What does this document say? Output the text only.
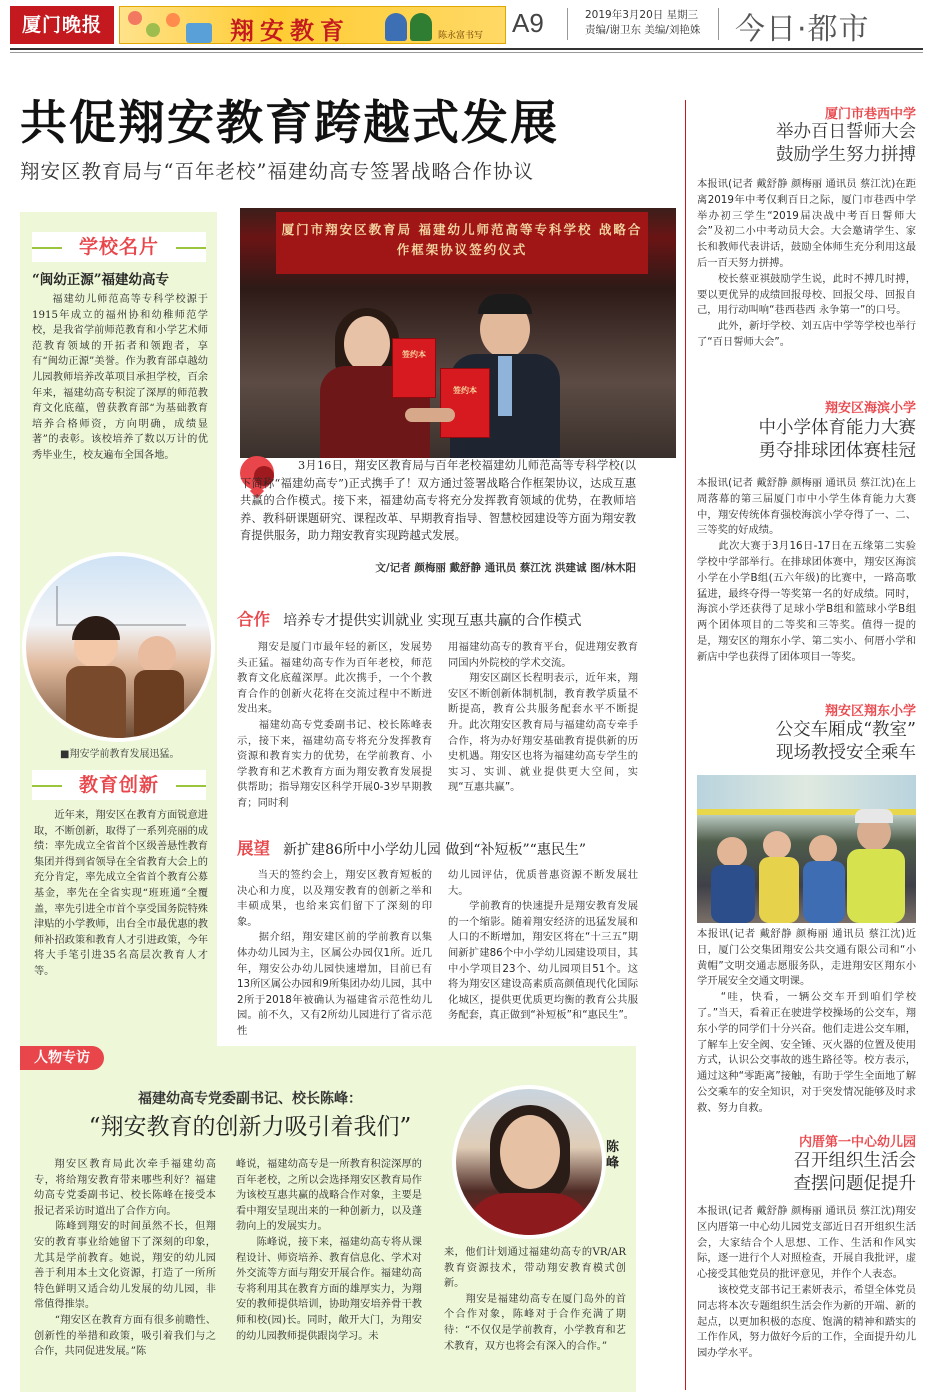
厦门晚报	翔安教育	陈永富书写 A9	2019年3月20日 星期三
责编/谢卫东 美编/刘艳姝 今日·都市
共促翔安教育跨越式发展
翔安区教育局与“百年老校”福建幼高专签署战略合作协议
学校名片
“闽幼正源”福建幼高专
福建幼儿师范高等专科学校源于1915年成立的福州协和幼稚师范学校，是我省学前师范教育和小学艺术师范教育领域的开拓者和领跑者，享有“闽幼正源”美誉。作为教育部卓越幼儿园教师培养改革项目承担学校，百余年来，福建幼高专积淀了深厚的师范教育文化底蕴，曾获教育部“为基础教育培养合格师资，方向明确，成绩显著”的表彰。该校培养了数以万计的优秀毕业生，校友遍布全国各地。
■翔安学前教育发展迅猛。
教育创新
近年来，翔安区在教育方面锐意进取，不断创新，取得了一系列亮丽的成绩：率先成立全省首个区级善悬性教育集团并得到省领导在全省教育大会上的充分肯定，率先成立全省首个教育公募基金，率先在全省实现“班班通”全覆盖，率先引进全市首个享受国务院特殊津贴的小学教师，出台全市最优惠的教师补招政策和教育人才引进政策，今年将大手笔引进35名高层次教育人才等。
厦门市翔安区教育局 福建幼儿师范高等专科学校 战略合作框架协议签约仪式
签约本
签约本
3月16日，翔安区教育局与百年老校福建幼儿师范高等专科学校(以下简称“福建幼高专”)正式携手了！双方通过签署战略合作框架协议，达成互惠共赢的合作模式。接下来，福建幼高专将充分发挥教育领域的优势，在教师培养、教科研课题研究、课程改革、早期教育指导、智慧校园建设等方面为翔安教育提供服务，助力翔安教育实现跨越式发展。
文/记者 颜梅丽 戴舒静 通讯员 蔡江沈 洪建诚 图/林木阳
合作 培养专才提供实训就业 实现互惠共赢的合作模式
翔安是厦门市最年轻的新区，发展势头正猛。福建幼高专作为百年老校，师范教育文化底蕴深厚。此次携手，一个个教育合作的创新火花将在交流过程中不断迸发出来。
　　福建幼高专党委副书记、校长陈峰表示，接下来，福建幼高专将充分发挥教育资源和教育实力的优势，在学前教育、小学教育和艺术教育方面为翔安教育发展提供帮助；指导翔安区科学开展0-3岁早期教育；同时利
用福建幼高专的教育平台，促进翔安教育同国内外院校的学术交流。
　　翔安区副区长程明表示，近年来，翔安区不断创新体制机制，教育教学质量不断提高，教育公共服务配套水平不断提升。此次翔安区教育局与福建幼高专牵手合作，将为办好翔安基础教育提供新的历史机遇。翔安区也将为福建幼高专学生的实习、实训、就业提供更大空间，实现“互惠共赢”。
展望 新扩建86所中小学幼儿园 做到“补短板”“惠民生”
当天的签约会上，翔安区教育短板的决心和力度，以及翔安教育的创新之举和丰硕成果，也给来宾们留下了深刻的印象。
　　据介绍，翔安建区前的学前教育以集体办幼儿园为主，区属公办园仅1所。近几年，翔安公办幼儿园快速增加，目前已有13所区属公办园和9所集团办幼儿园，其中2所于2018年被确认为福建省示范性幼儿园。前不久，又有2所幼儿园进行了省示范性
幼儿园评估，优质普惠资源不断发展壮大。
　　学前教育的快速提升是翔安教育发展的一个缩影。随着翔安经济的迅猛发展和人口的不断增加，翔安区将在“十三五”期间新扩建86个中小学幼儿园建设项目，其中小学项目23个、幼儿园项目51个。这将为翔安区建设高素质高颜值现代化国际化城区，提供更优质更均衡的教育公共服务配套，真正做到“补短板”和“惠民生”。
人物专访
福建幼高专党委副书记、校长陈峰：
“翔安教育的创新力吸引着我们”
陈峰
翔安区教育局此次牵手福建幼高专，将给翔安教育带来哪些利好？福建幼高专党委副书记、校长陈峰在接受本报记者采访时道出了合作方向。
　　陈峰到翔安的时间虽然不长，但翔安的教育事业给她留下了深刻的印象，尤其是学前教育。她说，翔安的幼儿园善于利用本土文化资源，打造了一所所特色鲜明又适合幼儿发展的幼儿园，非常值得推崇。
　　“翔安区在教育方面有很多前瞻性、创新性的举措和政策，吸引着我们与之合作，共同促进发展。”陈
峰说，福建幼高专是一所教育积淀深厚的百年老校，之所以会选择翔安区教育局作为该校互惠共赢的战略合作对象，主要是看中翔安呈现出来的一种创新力，以及蓬勃向上的发展实力。
　　陈峰说，接下来，福建幼高专将从课程设计、师资培养、教育信息化、学术对外交流等方面与翔安开展合作。福建幼高专将利用其在教育方面的雄厚实力，为翔安的教师提供培训，协助翔安培养骨干教师和校(园)长。同时，敞开大门，为翔安的幼儿园教师提供跟岗学习。未
来，他们计划通过福建幼高专的VR/AR教育资源技术，带动翔安教育模式创新。
　　翔安是福建幼高专在厦门岛外的首个合作对象，陈峰对于合作充满了期待：“不仅仅是学前教育，小学教育和艺术教育，双方也将会有深入的合作。”
厦门市巷西中学
举办百日誓师大会
鼓励学生努力拼搏
本报讯(记者 戴舒静 颜梅丽 通讯员 蔡江沈)在距离2019年中考仅剩百日之际，厦门市巷西中学举办初三学生“2019届决战中考百日誓师大会”及初二小中考动员大会。大会邀请学生、家长和教师代表讲话，鼓励全体师生充分利用这最后一百天努力拼搏。
　　校长蔡亚祺鼓励学生说，此时不搏几时搏，要以更优异的成绩回报母校、回报父母、回报自己，用行动叫响“巷西巷西 永争第一”的口号。
　　此外，新圩学校、刘五店中学等学校也举行了“百日誓师大会”。
翔安区海滨小学
中小学体育能力大赛
勇夺排球团体赛桂冠
本报讯(记者 戴舒静 颜梅丽 通讯员 蔡江沈)在上周落幕的第三届厦门市中小学生体育能力大赛中，翔安传统体育强校海滨小学夺得了一、二、三等奖的好成绩。
　　此次大赛于3月16日-17日在五缘第二实验学校中学部举行。在排球团体赛中，翔安区海滨小学在小学B组(五六年级)的比赛中，一路高歌猛进，最终夺得一等奖第一名的好成绩。同时，海滨小学还获得了足球小学B组和篮球小学B组两个团体项目的二等奖和三等奖。值得一提的是，翔安区的翔东小学、第二实小、何厝小学和新店中学也获得了团体项目一等奖。
翔安区翔东小学
公交车厢成“教室”
现场教授安全乘车
本报讯(记者 戴舒静 颜梅丽 通讯员 蔡江沈)近日，厦门公交集团翔安公共交通有限公司和“小黄帽”文明交通志愿服务队，走进翔安区翔东小学开展安全交通文明课。
　　“哇，快看，一辆公交车开到咱们学校了。”当天，看着正在驶进学校操场的公交车，翔东小学的同学们十分兴奋。他们走进公交车厢，了解车上安全阀、安全锤、灭火器的位置及使用方式，认识公交事故的逃生路径等。校方表示，通过这种“零距离”接触，有助于学生全面地了解公交乘车的安全知识，对于突发情况能够及时求救、努力自救。
内厝第一中心幼儿园
召开组织生活会
查摆问题促提升
本报讯(记者 戴舒静 颜梅丽 通讯员 蔡江沈)翔安区内厝第一中心幼儿园党支部近日召开组织生活会，大家结合个人思想、工作、生活和作风实际，逐一进行个人对照检查，开展自我批评，虚心接受其他党员的批评意见，并作个人表态。
　　该校党支部书记王素妍表示，希望全体党员同志将本次专题组织生活会作为新的开端、新的起点，以更加积极的态度、饱满的精神和踏实的工作作风，努力做好今后的工作，全面提升幼儿园办学水平。
